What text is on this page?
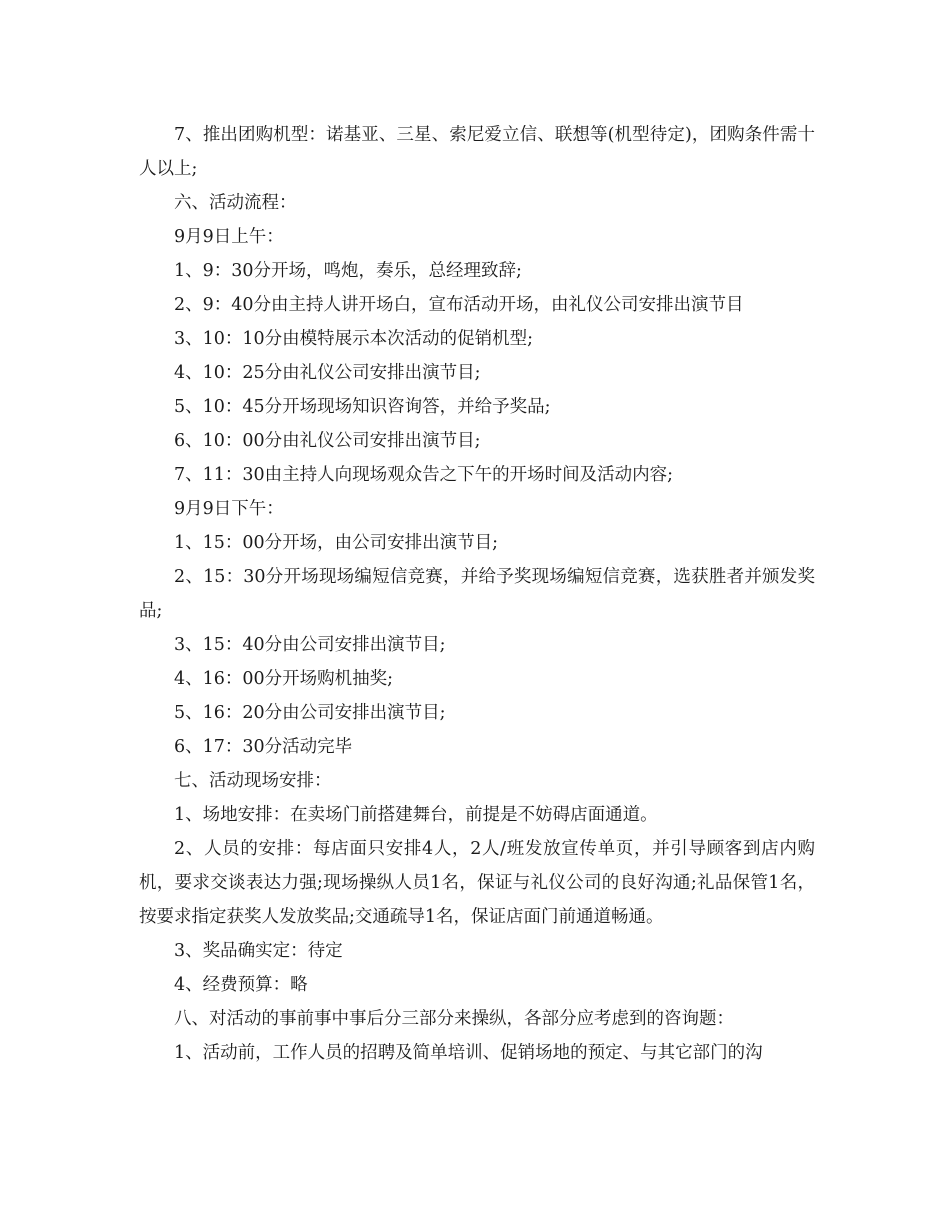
7、推出团购机型：诺基亚、三星、索尼爱立信、联想等(机型待定)，团购条件需十人以上;

六、活动流程：

9月9日上午：

1、9：30分开场，鸣炮，奏乐，总经理致辞;

2、9：40分由主持人讲开场白，宣布活动开场，由礼仪公司安排出演节目

3、10：10分由模特展示本次活动的促销机型;

4、10：25分由礼仪公司安排出演节目;

5、10：45分开场现场知识咨询答，并给予奖品;

6、10：00分由礼仪公司安排出演节目;

7、11：30由主持人向现场观众告之下午的开场时间及活动内容;

9月9日下午：

1、15：00分开场，由公司安排出演节目;

2、15：30分开场现场编短信竞赛，并给予奖现场编短信竞赛，选获胜者并颁发奖品;

3、15：40分由公司安排出演节目;

4、16：00分开场购机抽奖;

5、16：20分由公司安排出演节目;

6、17：30分活动完毕

七、活动现场安排：

1、场地安排：在卖场门前搭建舞台，前提是不妨碍店面通道。

2、人员的安排：每店面只安排4人，2人/班发放宣传单页，并引导顾客到店内购机，要求交谈表达力强;现场操纵人员1名，保证与礼仪公司的良好沟通;礼品保管1名，按要求指定获奖人发放奖品;交通疏导1名，保证店面门前通道畅通。

3、奖品确实定：待定

4、经费预算：略

八、对活动的事前事中事后分三部分来操纵，各部分应考虑到的咨询题：

1、活动前，工作人员的招聘及简单培训、促销场地的预定、与其它部门的沟
